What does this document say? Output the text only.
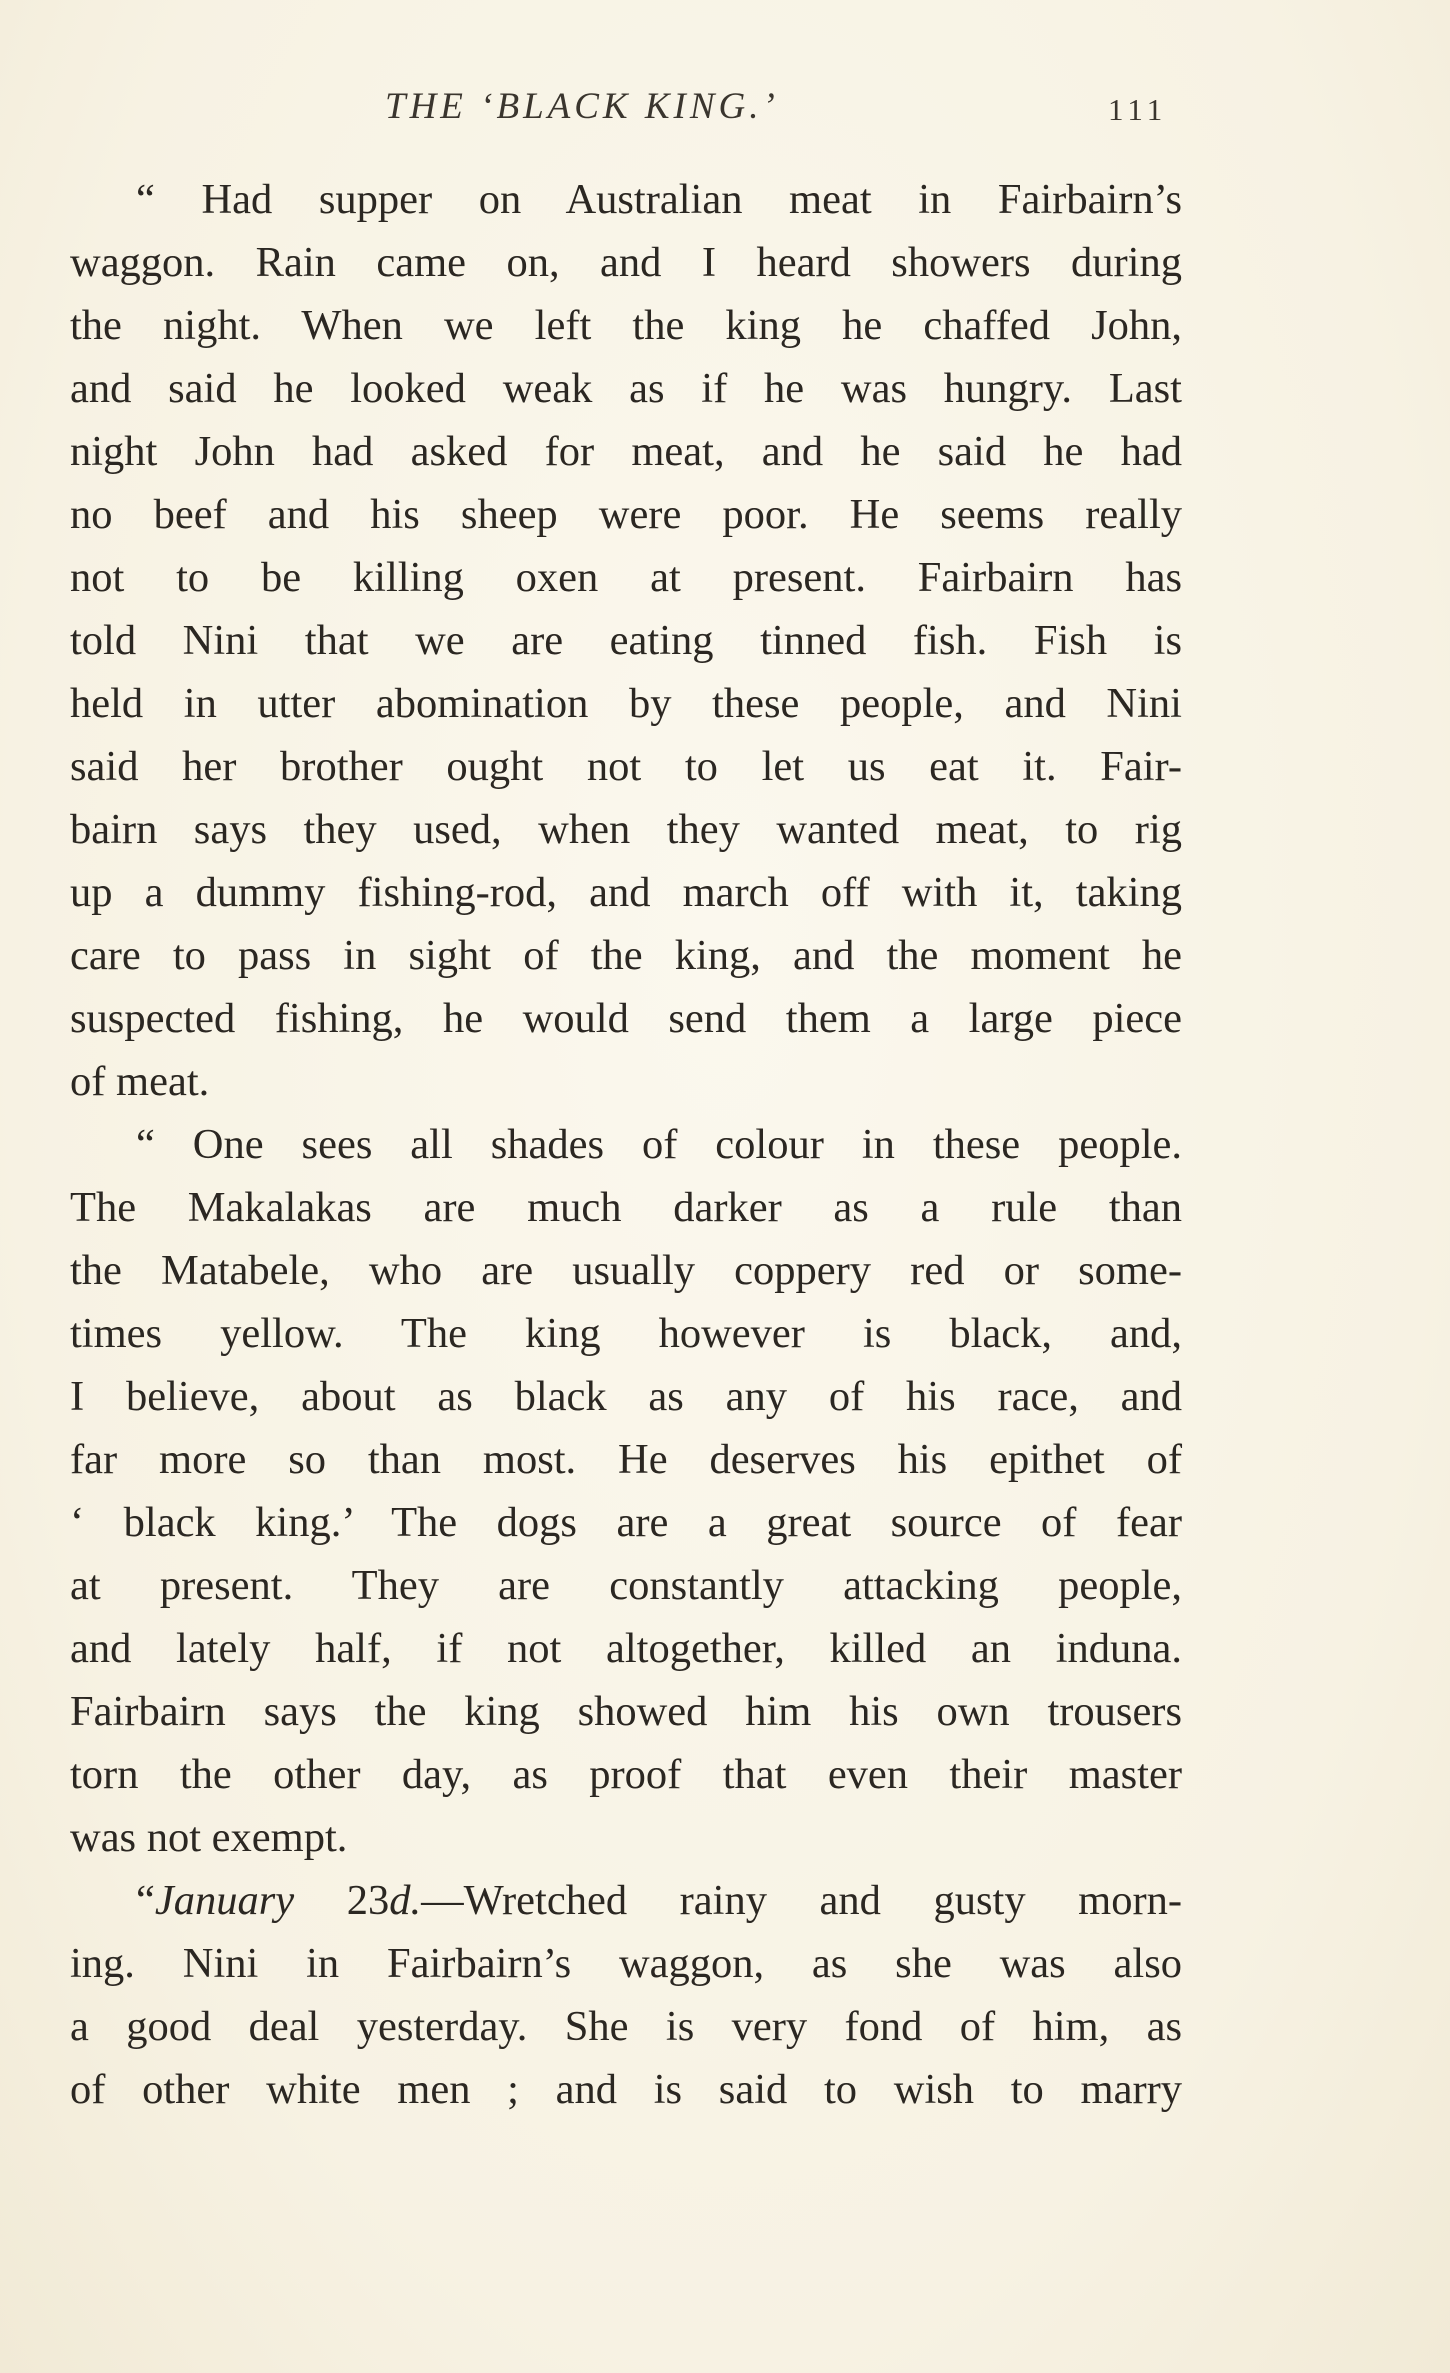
THE ‘BLACK KING.’	111
“ Had supper on Australian meat in Fairbairn’s
waggon. Rain came on, and I heard showers during
the night. When we left the king he chaffed John,
and said he looked weak as if he was hungry. Last
night John had asked for meat, and he said he had
no beef and his sheep were poor. He seems really
not to be killing oxen at present. Fairbairn has
told Nini that we are eating tinned fish. Fish is
held in utter abomination by these people, and Nini
said her brother ought not to let us eat it. Fair-
bairn says they used, when they wanted meat, to rig
up a dummy fishing-rod, and march off with it, taking
care to pass in sight of the king, and the moment he
suspected fishing, he would send them a large piece
of meat.
“ One sees all shades of colour in these people.
The Makalakas are much darker as a rule than
the Matabele, who are usually coppery red or some-
times yellow. The king however is black, and,
I believe, about as black as any of his race, and
far more so than most. He deserves his epithet of
‘ black king.’ The dogs are a great source of fear
at present. They are constantly attacking people,
and lately half, if not altogether, killed an induna.
Fairbairn says the king showed him his own trousers
torn the other day, as proof that even their master
was not exempt.
“January 23d.—Wretched rainy and gusty morn-
ing. Nini in Fairbairn’s waggon, as she was also
a good deal yesterday. She is very fond of him, as
of other white men ; and is said to wish to marry
